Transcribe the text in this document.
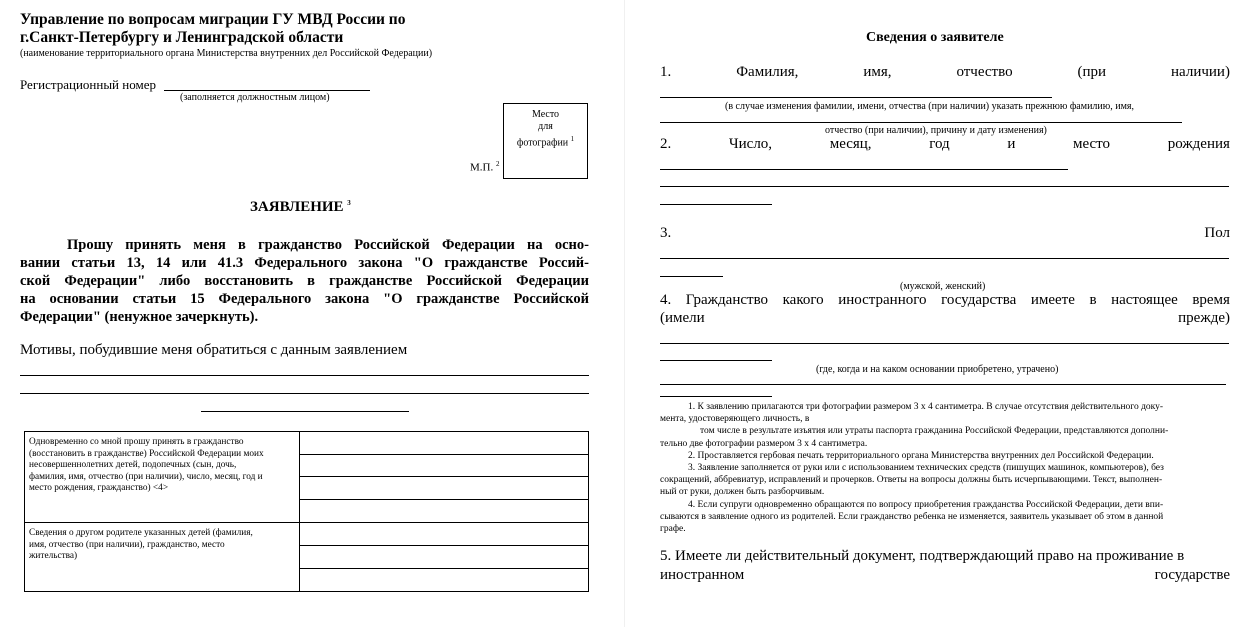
Управление по вопросам миграции ГУ МВД России по
г.Санкт-Петербургу и Ленинградской области
(наименование территориального органа Министерства внутренних дел Российской Федерации)
Регистрационный номер
(заполняется должностным лицом)
Место
для
фотографии $^1$
М.П. $^2$
ЗАЯВЛЕНИЕ $^3$
Прошу принять меня в гражданство Российской Федерации на осно-
вании статьи 13, 14 или 41.3 Федерального закона "О гражданстве Россий-
ской Федерации" либо восстановить в гражданстве Российской Федерации
на основании статьи 15 Федерального закона "О гражданстве Российской
Федерации" (ненужное зачеркнуть).
Мотивы, побудившие меня обратиться с данным заявлением
Одновременно со мной прошу принять в гражданство
(восстановить в гражданстве) Российской Федерации моих
несовершеннолетних детей, подопечных (сын, дочь,
фамилия, имя, отчество (при наличии), число, месяц, год и
место рождения, гражданство) <4>	

Сведения о другом родителе указанных детей (фамилия,
имя, отчество (при наличии), гражданство, место
жительства)	

Сведения о заявителе
1.	Фамилия,	имя,	отчество	(при	наличии)
(в случае изменения фамилии, имени, отчества (при наличии) указать прежнюю фамилию, имя,
отчество (при наличии), причину и дату изменения)
2.	Число,	месяц,	год	и	место	рождения
3.	Пол
(мужской, женский)
4. Гражданство какого иностранного государства имеете в настоящее время
(имели	прежде)
(где, когда и на каком основании приобретено, утрачено)
1. К заявлению прилагаются три фотографии размером 3 х 4 сантиметра. В случае отсутствия действительного доку-
мента, удостоверяющего личность, в
том числе в результате изъятия или утраты паспорта гражданина Российской Федерации, представляются дополни-
тельно две фотографии размером 3 х 4 сантиметра.
2. Проставляется гербовая печать территориального органа Министерства внутренних дел Российской Федерации.
3. Заявление заполняется от руки или с использованием технических средств (пишущих машинок, компьютеров), без
сокращений, аббревиатур, исправлений и прочерков. Ответы на вопросы должны быть исчерпывающими. Текст, выполнен-
ный от руки, должен быть разборчивым.
4. Если супруги одновременно обращаются по вопросу приобретения гражданства Российской Федерации, дети впи-
сываются в заявление одного из родителей. Если гражданство ребенка не изменяется, заявитель указывает об этом в данной
графе.
5. Имеете ли действительный документ, подтверждающий право на проживание в
иностранном	государстве
